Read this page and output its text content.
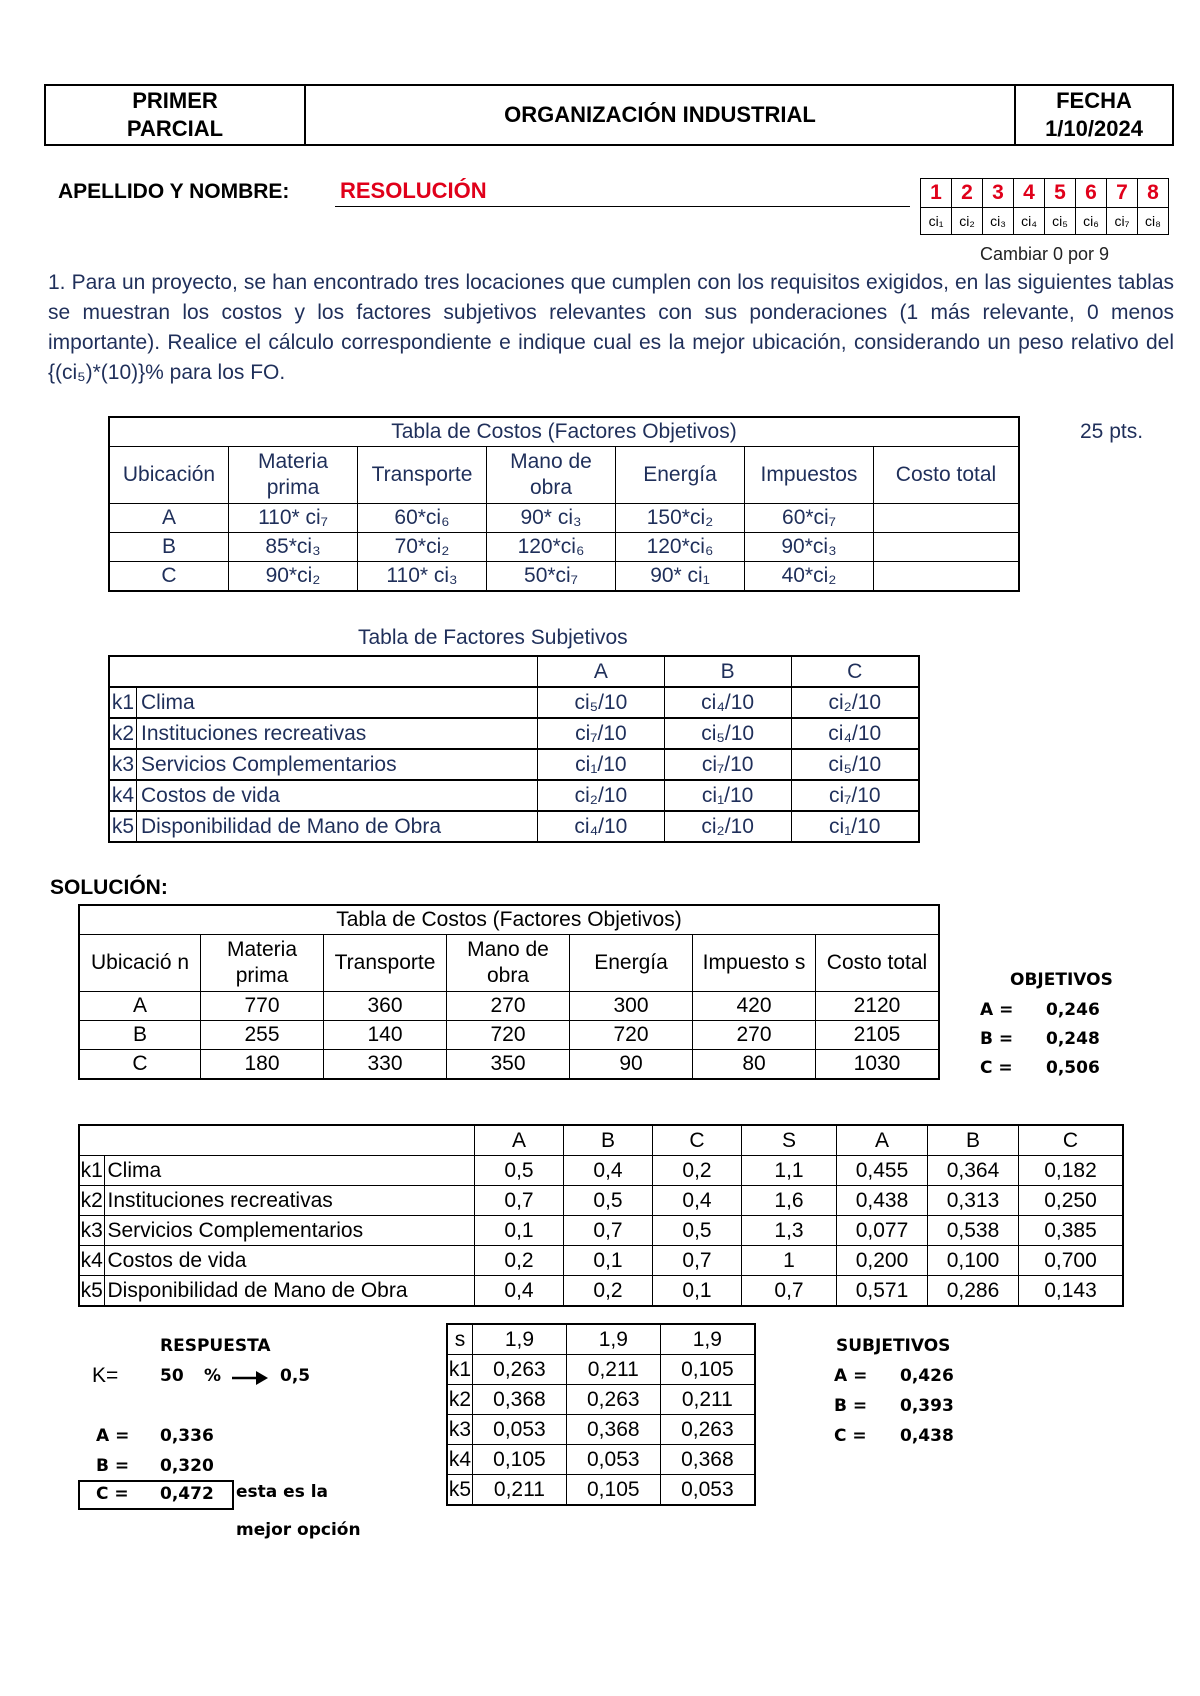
PRIMER
PARCIAL	ORGANIZACIÓN INDUSTRIAL	FECHA
1/10/2024
APELLIDO Y NOMBRE: RESOLUCIÓN	1	2	3	4	5	6	7	8
ci₁	ci₂	ci₃	ci₄	ci₅	ci₆	ci₇	ci₈
Cambiar 0 por 9
1. Para un proyecto, se han encontrado tres locaciones que cumplen con los requisitos exigidos, en las siguientes tablas se muestran los costos y los factores subjetivos relevantes con sus ponderaciones (1 más relevante, 0 menos importante). Realice el cálculo correspondiente e indique cual es la mejor ubicación, considerando un peso relativo del {(ci₅)*(10)}% para los FO.
Tabla de Costos (Factores Objetivos)						
Ubicación	Materia prima	Transporte	Mano de obra	Energía	Impuestos	Costo total
A	110* ci₇	60*ci₆	90* ci₃	150*ci₂	60*ci₇	
B	85*ci₃	70*ci₂	120*ci₆	120*ci₆	90*ci₃	
C	90*ci₂	110* ci₃	50*ci₇	90* ci₁	40*ci₂	
25 pts.
Tabla de Factores Subjetivos
		A	B	C
k1	Clima	ci₅/10	ci₄/10	ci₂/10
k2	Instituciones recreativas	ci₇/10	ci₅/10	ci₄/10
k3	Servicios Complementarios	ci₁/10	ci₇/10	ci₅/10
k4	Costos de vida	ci₂/10	ci₁/10	ci₇/10
k5	Disponibilidad de Mano de Obra	ci₄/10	ci₂/10	ci₁/10
SOLUCIÓN:
Tabla de Costos (Factores Objetivos)						
Ubicació n	Materia prima	Transporte	Mano de obra	Energía	Impuesto s	Costo total
A	770	360	270	300	420	2120
B	255	140	720	720	270	2105
C	180	330	350	90	80	1030
OBJETIVOS
A = 0,246
B = 0,248
C = 0,506
		A	B	C	S	A	B	C
k1	Clima	0,5	0,4	0,2	1,1	0,455	0,364	0,182
k2	Instituciones recreativas	0,7	0,5	0,4	1,6	0,438	0,313	0,250
k3	Servicios Complementarios	0,1	0,7	0,5	1,3	0,077	0,538	0,385
k4	Costos de vida	0,2	0,1	0,7	1	0,200	0,100	0,700
k5	Disponibilidad de Mano de Obra	0,4	0,2	0,1	0,7	0,571	0,286	0,143
s	1,9	1,9	1,9
k1	0,263	0,211	0,105
k2	0,368	0,263	0,211
k3	0,053	0,368	0,263
k4	0,105	0,053	0,368
k5	0,211	0,105	0,053
RESPUESTA
K= 50 %	0,5
A = 0,336
B = 0,320
C = 0,472 esta es la
mejor opción
SUBJETIVOS
A = 0,426
B = 0,393
C = 0,438
